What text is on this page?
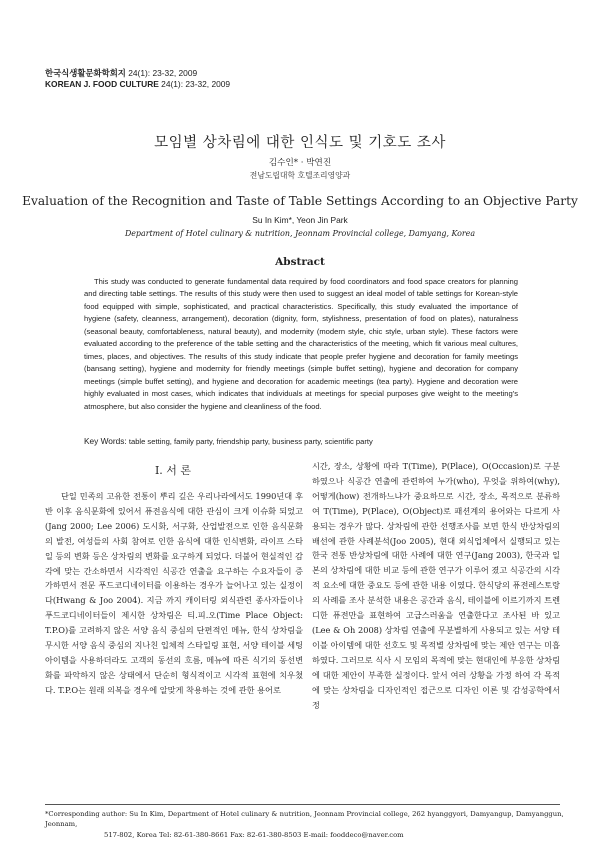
한국식생활문화학회지 24(1): 23-32, 2009
KOREAN J. FOOD CULTURE 24(1): 23-32, 2009
모임별 상차림에 대한 인식도 및 기호도 조사
김수인* · 박연진
전남도립대학 호텔조리영양과
Evaluation of the Recognition and Taste of Table Settings According to an Objective Party
Su In Kim*, Yeon Jin Park
Department of Hotel culinary & nutrition, Jeonnam Provincial college, Damyang, Korea
Abstract

This study was conducted to generate fundamental data required by food coordinators and food space creators for planning and directing table settings. The results of this study were then used to suggest an ideal model of table settings for Korean-style food equipped with simple, sophisticated, and practical characteristics. Specifically, this study evaluated the importance of hygiene (safety, cleanness, arrangement), decoration (dignity, form, stylishness, presentation of food on plates), naturalness (seasonal beauty, comfortableness, natural beauty), and modernity (modern style, chic style, urban style). These factors were evaluated according to the preference of the table setting and the characteristics of the meeting, which fit various meal cultures, times, places, and objectives. The results of this study indicate that people prefer hygiene and decoration for family meetings (bansang setting), hygiene and modernity for friendly meetings (simple buffet setting), hygiene and decoration for company meetings (simple buffet setting), and hygiene and decoration for academic meetings (tea party). Hygiene and decoration were highly evaluated in most cases, which indicates that individuals at meetings for special purposes give weight to the meeting's atmosphere, but also consider the hygiene and cleanliness of the food.

Key Words: table setting, family party, friendship party, business party, scientific party
Ⅰ. 서 론

단일 민족의 고유한 전통이 뿌리 깊은 우리나라에서도 1990년대 후반 이후 음식문화에 있어서 퓨전음식에 대한 관심이 크게 이슈화 되었고(Jang 2000; Lee 2006) 도시화, 서구화, 산업발전으로 인한 음식문화의 발전, 여성들의 사회 참여로 인한 음식에 대한 인식변화, 라이프 스타일 등의 변화 등은 상차림의 변화를 요구하게 되었다. 더불어 현실적인 감각에 맞는 간소하면서 시각적인 식공간 연출을 요구하는 수요자들이 증가하면서 전문 푸드코디네이터를 이용하는 경우가 늘어나고 있는 실정이다(Hwang & Joo 2004). 지금 까지 캐이터링 외식관련 종사자들이나 푸드코디네이터들이 제시한 상차림은 티.피.오(Time Place Object: T.P.O)를 고려하지 않은 서양 음식 중심의 단편적인 메뉴, 한식 상차림을 무시한 서양 음식 중심의 지나친 입체적 스타일링 표현, 서양 테이블 세팅 아이템을 사용하더라도 고객의 동선의 흐름, 메뉴에 따른 식기의 동선변화를 파악하지 않은 상태에서 단순히 형식적이고 시각적 표현에 치우쳤다. T.P.O는 원래 의복을 경우에 알맞게 착용하는 것에 관한 용어로

시간, 장소, 상황에 따라 T(Time), P(Place), O(Occasion)로 구분하였으나 식공간 연출에 관련하여 누가(who), 무엇을 위하여(why), 어떻게(how) 전개하느냐가 중요하므로 시간, 장소, 목적으로 분류하여 T(Time), P(Place), O(Object)로 패션계의 용어와는 다르게 사용되는 경우가 많다. 상차림에 관한 선행조사를 보면 한식 반상차림의 배선에 관한 사례분석(Joo 2005), 현대 외식업체에서 실행되고 있는 한국 전통 반상차림에 대한 사례에 대한 연구(Jang 2003), 한국과 일본의 상차림에 대한 비교 등에 관한 연구가 이루어 졌고 식공간의 시각적 요소에 대한 중요도 등에 관한 내용 이였다. 한식당의 퓨전레스토랑의 사례를 조사 분석한 내용은 공간과 음식, 테이블에 이르기까지 트렌디한 퓨전만을 표현하여 고급스러움을 연출한다고 조사된 바 있고(Lee & Oh 2008) 상차림 연출에 무분별하게 사용되고 있는 서양 테이블 아이템에 대한 선호도 및 목적별 상차림에 맞는 제안 연구는 미흡하였다. 그러므로 식사 시 모임의 목적에 맞는 현대인에 부응한 상차림에 대한 제안이 부족한 실정이다. 앞서 여러 상황을 가정 하여 각 목적에 맞는 상차림을 디자인적인 접근으로 디자인 이론 및 감성공학에서 정

*Corresponding author: Su In Kim, Department of Hotel culinary & nutrition, Jeonnam Provincial college, 262 hyanggyori, Damyangup, Damyanggun, Jeonnam,
517-802, Korea Tel: 82-61-380-8661 Fax: 82-61-380-8503 E-mail: fooddeco@naver.com
